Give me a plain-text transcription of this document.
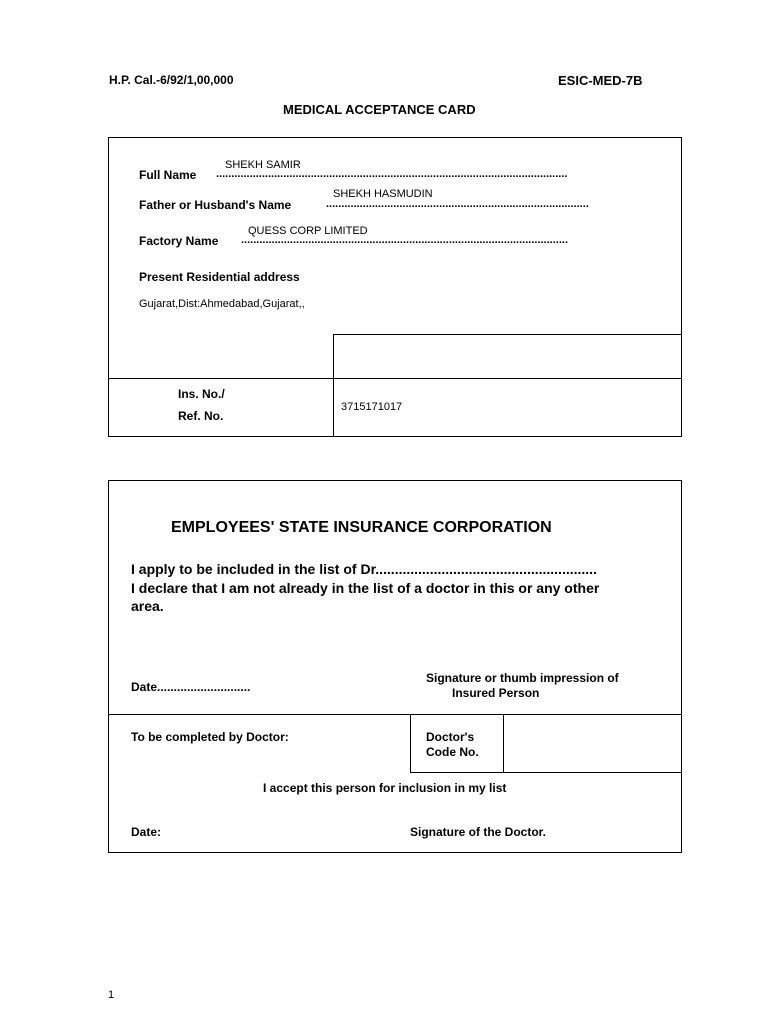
H.P. Cal.-6/92/1,00,000	ESIC-MED-7B
MEDICAL ACCEPTANCE CARD
SHEKH SAMIR
Full Name ...................................................................................................................
SHEKH HASMUDIN
Father or Husband's Name	......................................................................................
QUESS CORP LIMITED
Factory Name ...........................................................................................................
Present Residential address
Gujarat,Dist:Ahmedabad,Gujarat,,
Ins. No./
Ref. No.
3715171017
EMPLOYEES' STATE INSURANCE CORPORATION
I apply to be included in the list of Dr.........................................................
I declare that I am not already in the list of a doctor in this or any other
area.
Date............................
Signature or thumb impression of
Insured Person
To be completed by Doctor:	Doctor's
Code No.
I accept this person for inclusion in my list
Date:	Signature of the Doctor.
1
